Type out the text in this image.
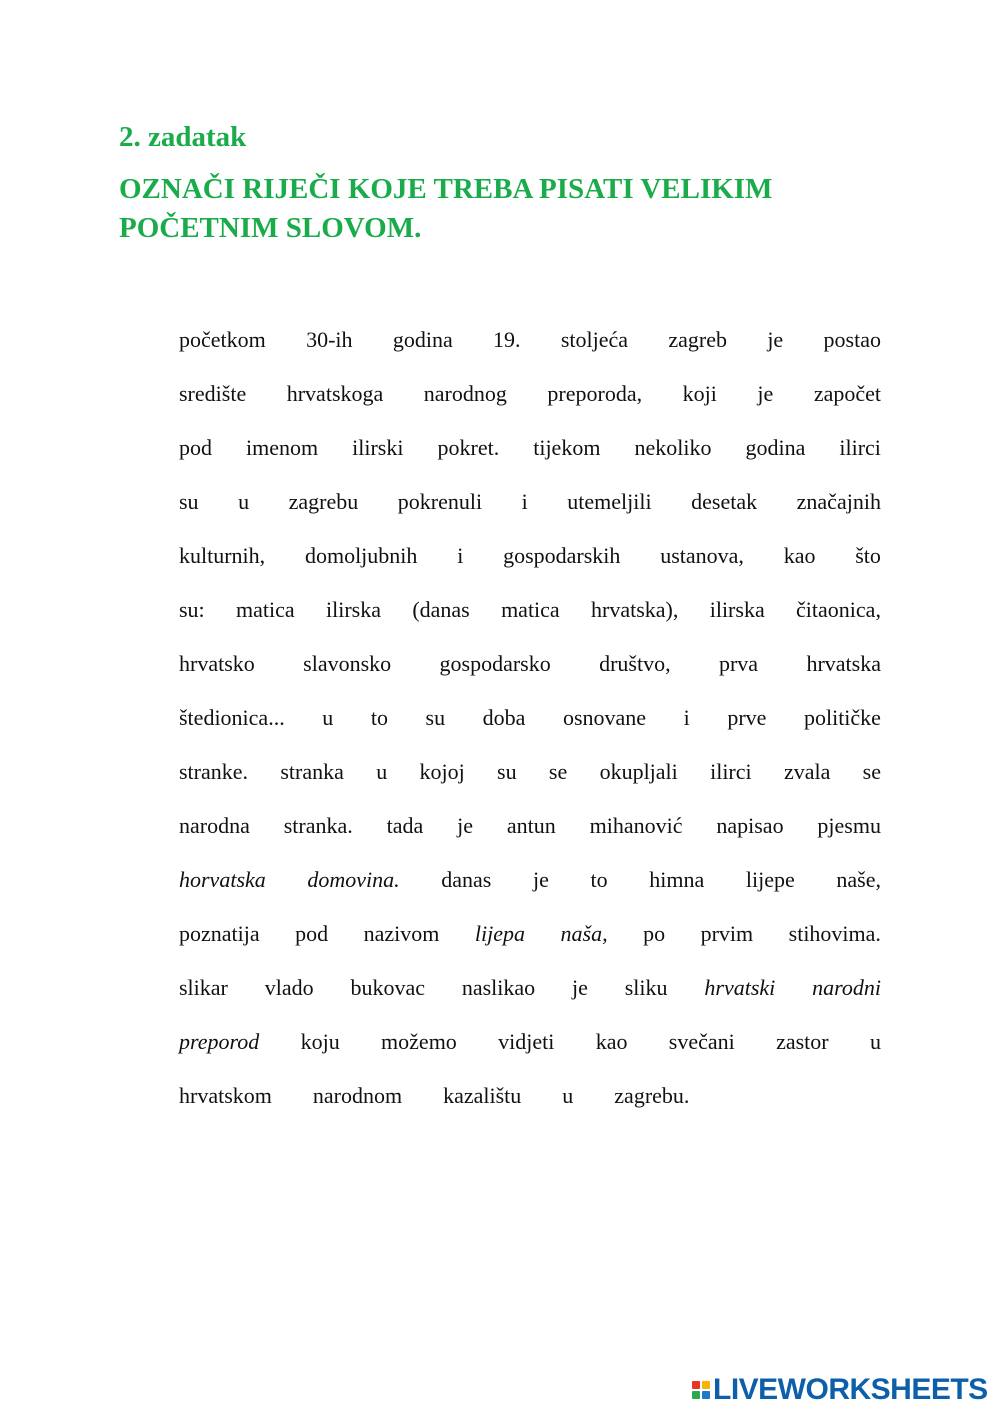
2. zadatak
OZNAČI RIJEČI KOJE TREBA PISATI VELIKIM
POČETNIM SLOVOM.
početkom 30-ih godina 19. stoljeća zagreb je postao
središte hrvatskoga narodnog preporoda, koji je započet
pod imenom ilirski pokret. tijekom nekoliko godina ilirci
su u zagrebu pokrenuli i utemeljili desetak značajnih
kulturnih, domoljubnih i gospodarskih ustanova, kao što
su: matica ilirska (danas matica hrvatska), ilirska čitaonica,
hrvatsko slavonsko gospodarsko društvo, prva hrvatska
štedionica... u to su doba osnovane i prve političke
stranke. stranka u kojoj su se okupljali ilirci zvala se
narodna stranka. tada je antun mihanović napisao pjesmu
horvatska domovina. danas je to himna lijepe naše,
poznatija pod nazivom lijepa naša, po prvim stihovima.
slikar vlado bukovac naslikao je sliku hrvatski narodni
preporod koju možemo vidjeti kao svečani zastor u
hrvatskom narodnom kazalištu u zagrebu.
LIVEWORKSHEETS
